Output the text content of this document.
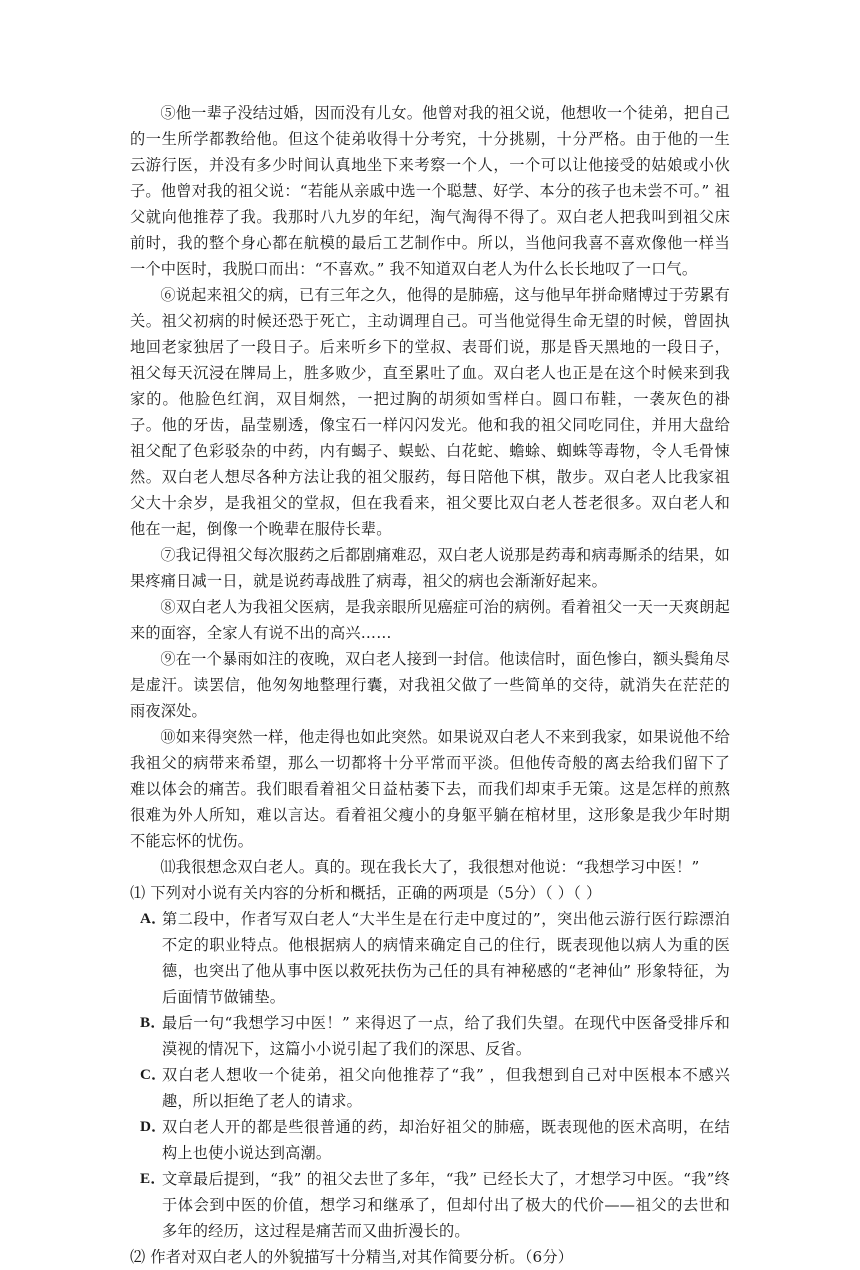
⑤他一辈子没结过婚，因而没有儿女。他曾对我的祖父说，他想收一个徒弟，把自己的一生所学都教给他。但这个徒弟收得十分考究，十分挑剔，十分严格。由于他的一生云游行医，并没有多少时间认真地坐下来考察一个人，一个可以让他接受的姑娘或小伙子。他曾对我的祖父说：“若能从亲戚中选一个聪慧、好学、本分的孩子也未尝不可。” 祖父就向他推荐了我。我那时八九岁的年纪，淘气淘得不得了。双白老人把我叫到祖父床前时，我的整个身心都在航模的最后工艺制作中。所以，当他问我喜不喜欢像他一样当一个中医时，我脱口而出：“不喜欢。” 我不知道双白老人为什么长长地叹了一口气。

⑥说起来祖父的病，已有三年之久，他得的是肺癌，这与他早年拼命赌博过于劳累有关。祖父初病的时候还恐于死亡，主动调理自己。可当他觉得生命无望的时候，曾固执地回老家独居了一段日子。后来听乡下的堂叔、表哥们说，那是昏天黑地的一段日子，祖父每天沉浸在牌局上，胜多败少，直至累吐了血。双白老人也正是在这个时候来到我家的。他脸色红润，双目炯然，一把过胸的胡须如雪样白。圆口布鞋，一袭灰色的褂子。他的牙齿，晶莹剔透，像宝石一样闪闪发光。他和我的祖父同吃同住，并用大盘给祖父配了色彩驳杂的中药，内有蝎子、蜈蚣、白花蛇、蟾蜍、蜘蛛等毒物，令人毛骨悚然。双白老人想尽各种方法让我的祖父服药，每日陪他下棋，散步。双白老人比我家祖父大十余岁，是我祖父的堂叔，但在我看来，祖父要比双白老人苍老很多。双白老人和他在一起，倒像一个晚辈在服侍长辈。

⑦我记得祖父每次服药之后都剧痛难忍，双白老人说那是药毒和病毒厮杀的结果，如果疼痛日减一日，就是说药毒战胜了病毒，祖父的病也会渐渐好起来。

⑧双白老人为我祖父医病，是我亲眼所见癌症可治的病例。看着祖父一天一天爽朗起来的面容，全家人有说不出的高兴……

⑨在一个暴雨如注的夜晚，双白老人接到一封信。他读信时，面色惨白，额头鬓角尽是虚汗。读罢信，他匆匆地整理行囊，对我祖父做了一些简单的交待，就消失在茫茫的雨夜深处。

⑩如来得突然一样，他走得也如此突然。如果说双白老人不来到我家，如果说他不给我祖父的病带来希望，那么一切都将十分平常而平淡。但他传奇般的离去给我们留下了难以体会的痛苦。我们眼看着祖父日益枯萎下去，而我们却束手无策。这是怎样的煎熬很难为外人所知，难以言达。看着祖父瘦小的身躯平躺在棺材里，这形象是我少年时期不能忘怀的忧伤。

⑾我很想念双白老人。真的。现在我长大了，我很想对他说：“我想学习中医！”

⑴ 下列对小说有关内容的分析和概括，正确的两项是（5分）（ ）（ ）

A．
第二段中，作者写双白老人“大半生是在行走中度过的”，突出他云游行医行踪漂泊不定的职业特点。他根据病人的病情来确定自己的住行，既表现他以病人为重的医德，也突出了他从事中医以救死扶伤为己任的具有神秘感的“老神仙” 形象特征，为后面情节做铺垫。
B．
最后一句“我想学习中医！” 来得迟了一点，给了我们失望。在现代中医备受排斥和漠视的情况下，这篇小小说引起了我们的深思、反省。
C．
双白老人想收一个徒弟，祖父向他推荐了“我” ，但我想到自己对中医根本不感兴趣，所以拒绝了老人的请求。
D．
双白老人开的都是些很普通的药，却治好祖父的肺癌，既表现他的医术高明，在结构上也使小说达到高潮。
E．
文章最后提到，“我” 的祖父去世了多年，“我” 已经长大了，才想学习中医。“我”终于体会到中医的价值，想学习和继承了，但却付出了极大的代价——祖父的去世和多年的经历，这过程是痛苦而又曲折漫长的。

⑵ 作者对双白老人的外貌描写十分精当,对其作简要分析。（6分）
